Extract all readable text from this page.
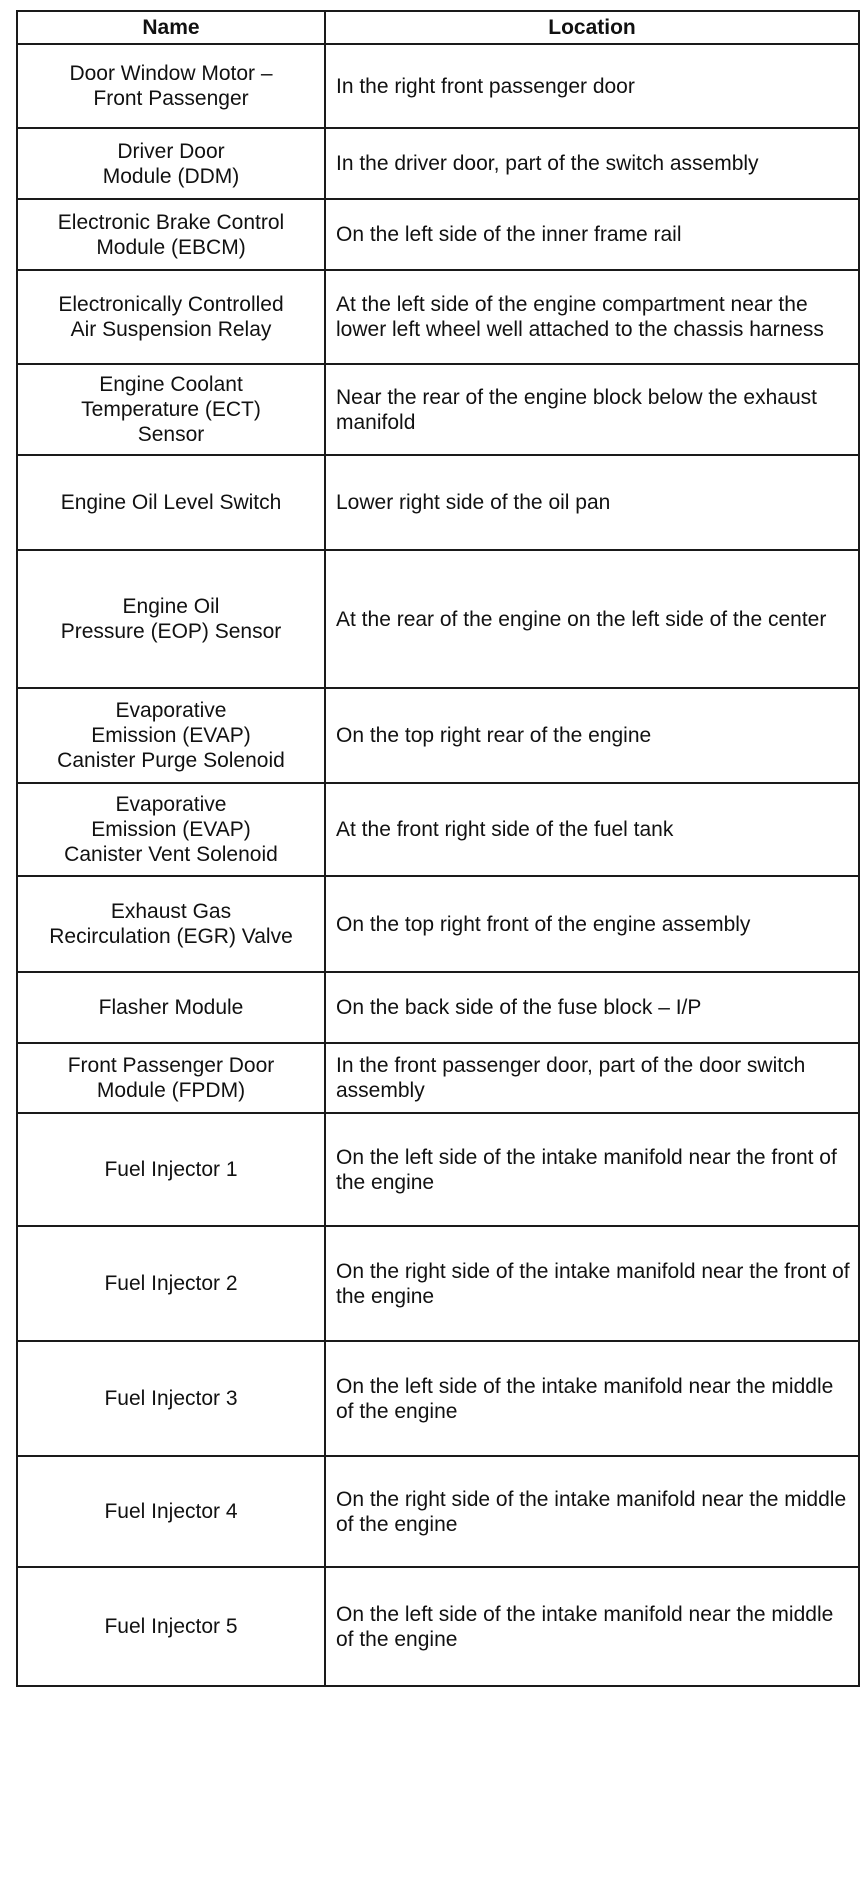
Name	Location
Door Window Motor –
Front Passenger	In the right front passenger door
Driver Door
Module (DDM)	In the driver door, part of the switch assembly
Electronic Brake Control
Module (EBCM)	On the left side of the inner frame rail
Electronically Controlled
Air Suspension Relay	At the left side of the engine compartment near the lower left wheel well attached to the chassis harness
Engine Coolant
Temperature (ECT)
Sensor	Near the rear of the engine block below the exhaust manifold
Engine Oil Level Switch	Lower right side of the oil pan
Engine Oil
Pressure (EOP) Sensor	At the rear of the engine on the left side of the center
Evaporative
Emission (EVAP)
Canister Purge Solenoid	On the top right rear of the engine
Evaporative
Emission (EVAP)
Canister Vent Solenoid	At the front right side of the fuel tank
Exhaust Gas
Recirculation (EGR) Valve	On the top right front of the engine assembly
Flasher Module	On the back side of the fuse block – I/P
Front Passenger Door
Module (FPDM)	In the front passenger door, part of the door switch assembly
Fuel Injector 1	On the left side of the intake manifold near the front of the engine
Fuel Injector 2	On the right side of the intake manifold near the front of the engine
Fuel Injector 3	On the left side of the intake manifold near the middle of the engine
Fuel Injector 4	On the right side of the intake manifold near the middle of the engine
Fuel Injector 5	On the left side of the intake manifold near the middle of the engine
